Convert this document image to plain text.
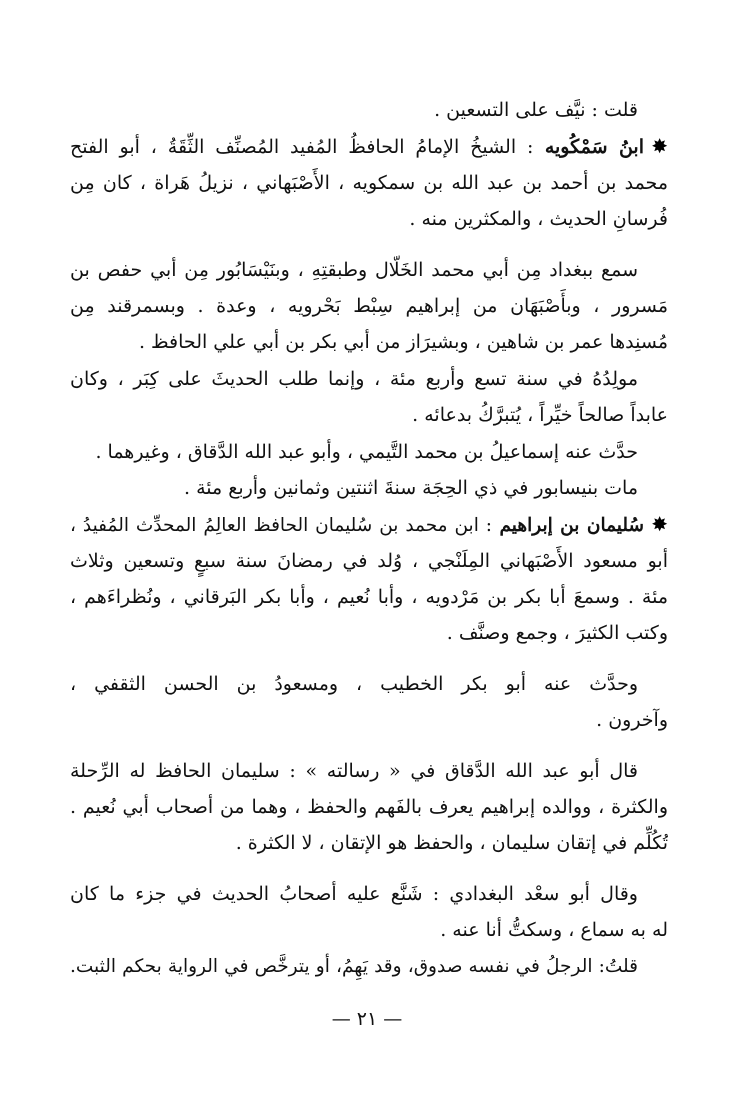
قلت : نيَّف على التسعين .
✸ابنُ سَمْكُويه : الشيخُ الإمامُ الحافظُ المُفيد المُصنِّف الثِّقَةُ ، أبو الفتح
محمد بن أحمد بن عبد الله بن سمكويه ، الأَصْبَهاني ، نزيلُ هَراة ، كان مِن
فُرسانِ الحديث ، والمكثرين منه .
سمع ببغداد مِن أبي محمد الخَلّال وطبقتِهِ ، وبنَيْسَابُور مِن أبي حفص بن
مَسرور ، وبأَصْبَهَان من إبراهيم سِبْط بَحْرويه ، وعدة . وبسمرقند مِن
مُسنِدها عمر بن شاهين ، وبشيرَاز من أبي بكر بن أبي علي الحافظ .
مولِدُهُ في سنة تسع وأربع مئة ، وإنما طلب الحديثَ على كِبَر ، وكان
عابداً صالحاً خيِّراً ، يُتبرَّكُ بدعائه .
حدَّث عنه إسماعيلُ بن محمد التَّيمي ، وأبو عبد الله الدَّقاق ، وغيرهما .
مات بنيسابور في ذي الحِجَة سنةَ اثنتين وثمانين وأربع مئة .
✸سُليمان بن إبراهيم : ابن محمد بن سُليمان الحافظ العالِمُ المحدِّث المُفيدُ ،
أبو مسعود الأَصْبَهاني المِلَنْجي ، وُلد في رمضانَ سنة سبعٍ وتسعين وثلاث
مئة . وسمعَ أبا بكر بن مَرْدويه ، وأبا نُعيم ، وأبا بكر البَرقاني ، ونُظراءَهم ،
وكتب الكثيرَ ، وجمع وصنَّف .
وحدَّث عنه أبو بكر الخطيب ، ومسعودُ بن الحسن الثقفي ،
وآخرون .
قال أبو عبد الله الدَّقاق في « رسالته » : سليمان الحافظ له الرِّحلة
والكثرة ، ووالده إبراهيم يعرف بالفَهم والحفظ ، وهما من أصحاب أبي نُعيم .
تُكُلِّم في إتقان سليمان ، والحفظ هو الإتقان ، لا الكثرة .
وقال أبو سعْد البغدادي : شَنَّع عليه أصحابُ الحديث في جزء ما كان
له به سماع ، وسكتُّ أنا عنه .
قلتُ: الرجلُ في نفسه صدوق، وقد يَهِمُ، أو يترخَّص في الرواية بحكم الثبت.
— ٢١ —
